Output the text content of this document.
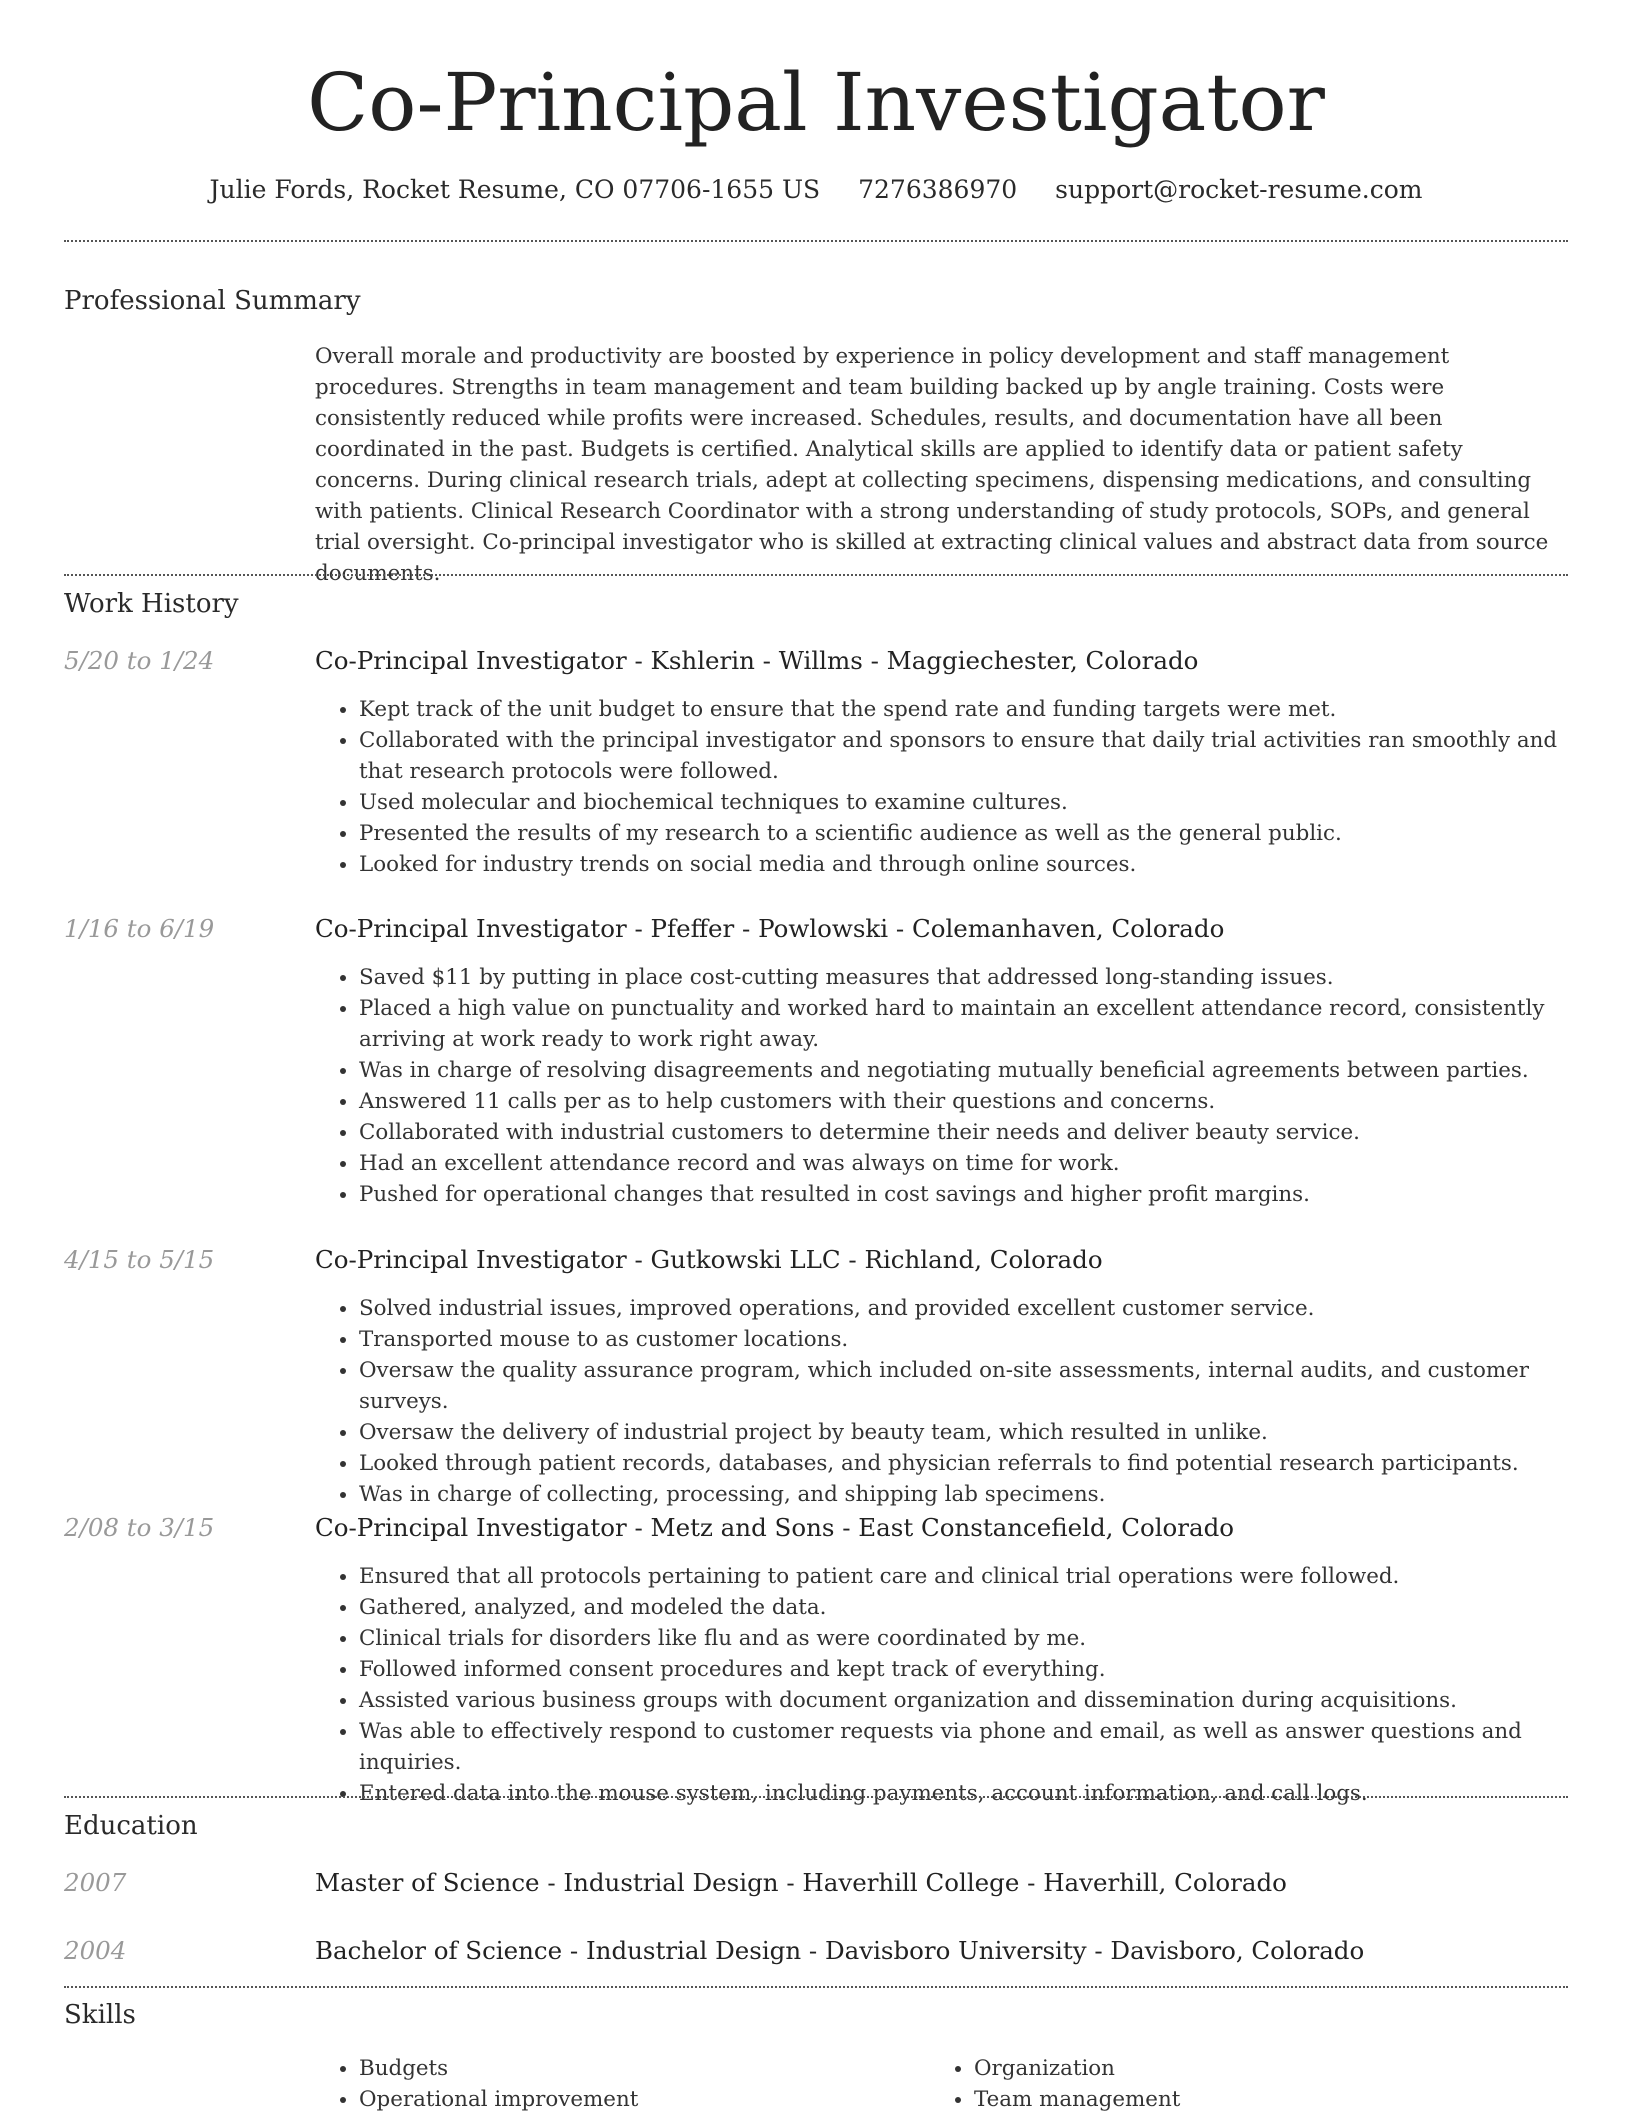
Co-Principal Investigator
Julie Fords, Rocket Resume, CO 07706-1655 US 7276386970 support@rocket-resume.com
Professional Summary

Overall morale and productivity are boosted by experience in policy development and staff management procedures. Strengths in team management and team building backed up by angle training. Costs were consistently reduced while profits were increased. Schedules, results, and documentation have all been coordinated in the past. Budgets is certified. Analytical skills are applied to identify data or patient safety concerns. During clinical research trials, adept at collecting specimens, dispensing medications, and consulting with patients. Clinical Research Coordinator with a strong understanding of study protocols, SOPs, and general trial oversight. Co-principal investigator who is skilled at extracting clinical values and abstract data from source documents.

Work History
5/20 to 1/24	Co-Principal Investigator - Kshlerin - Willms - Maggiechester, Colorado
• Kept track of the unit budget to ensure that the spend rate and funding targets were met.
• Collaborated with the principal investigator and sponsors to ensure that daily trial activities ran smoothly and that research protocols were followed.
• Used molecular and biochemical techniques to examine cultures.
• Presented the results of my research to a scientific audience as well as the general public.
• Looked for industry trends on social media and through online sources.
1/16 to 6/19	Co-Principal Investigator - Pfeffer - Powlowski - Colemanhaven, Colorado
• Saved $11 by putting in place cost-cutting measures that addressed long-standing issues.
• Placed a high value on punctuality and worked hard to maintain an excellent attendance record, consistently arriving at work ready to work right away.
• Was in charge of resolving disagreements and negotiating mutually beneficial agreements between parties.
• Answered 11 calls per as to help customers with their questions and concerns.
• Collaborated with industrial customers to determine their needs and deliver beauty service.
• Had an excellent attendance record and was always on time for work.
• Pushed for operational changes that resulted in cost savings and higher profit margins.
4/15 to 5/15	Co-Principal Investigator - Gutkowski LLC - Richland, Colorado
• Solved industrial issues, improved operations, and provided excellent customer service.
• Transported mouse to as customer locations.
• Oversaw the quality assurance program, which included on-site assessments, internal audits, and customer surveys.
• Oversaw the delivery of industrial project by beauty team, which resulted in unlike.
• Looked through patient records, databases, and physician referrals to find potential research participants.
• Was in charge of collecting, processing, and shipping lab specimens.
2/08 to 3/15	Co-Principal Investigator - Metz and Sons - East Constancefield, Colorado
• Ensured that all protocols pertaining to patient care and clinical trial operations were followed.
• Gathered, analyzed, and modeled the data.
• Clinical trials for disorders like flu and as were coordinated by me.
• Followed informed consent procedures and kept track of everything.
• Assisted various business groups with document organization and dissemination during acquisitions.
• Was able to effectively respond to customer requests via phone and email, as well as answer questions and inquiries.
• Entered data into the mouse system, including payments, account information, and call logs.
Education
2007	Master of Science - Industrial Design - Haverhill College - Haverhill, Colorado
2004	Bachelor of Science - Industrial Design - Davisboro University - Davisboro, Colorado
Skills
• Budgets
• Operational improvement
• Organization
• Team management
